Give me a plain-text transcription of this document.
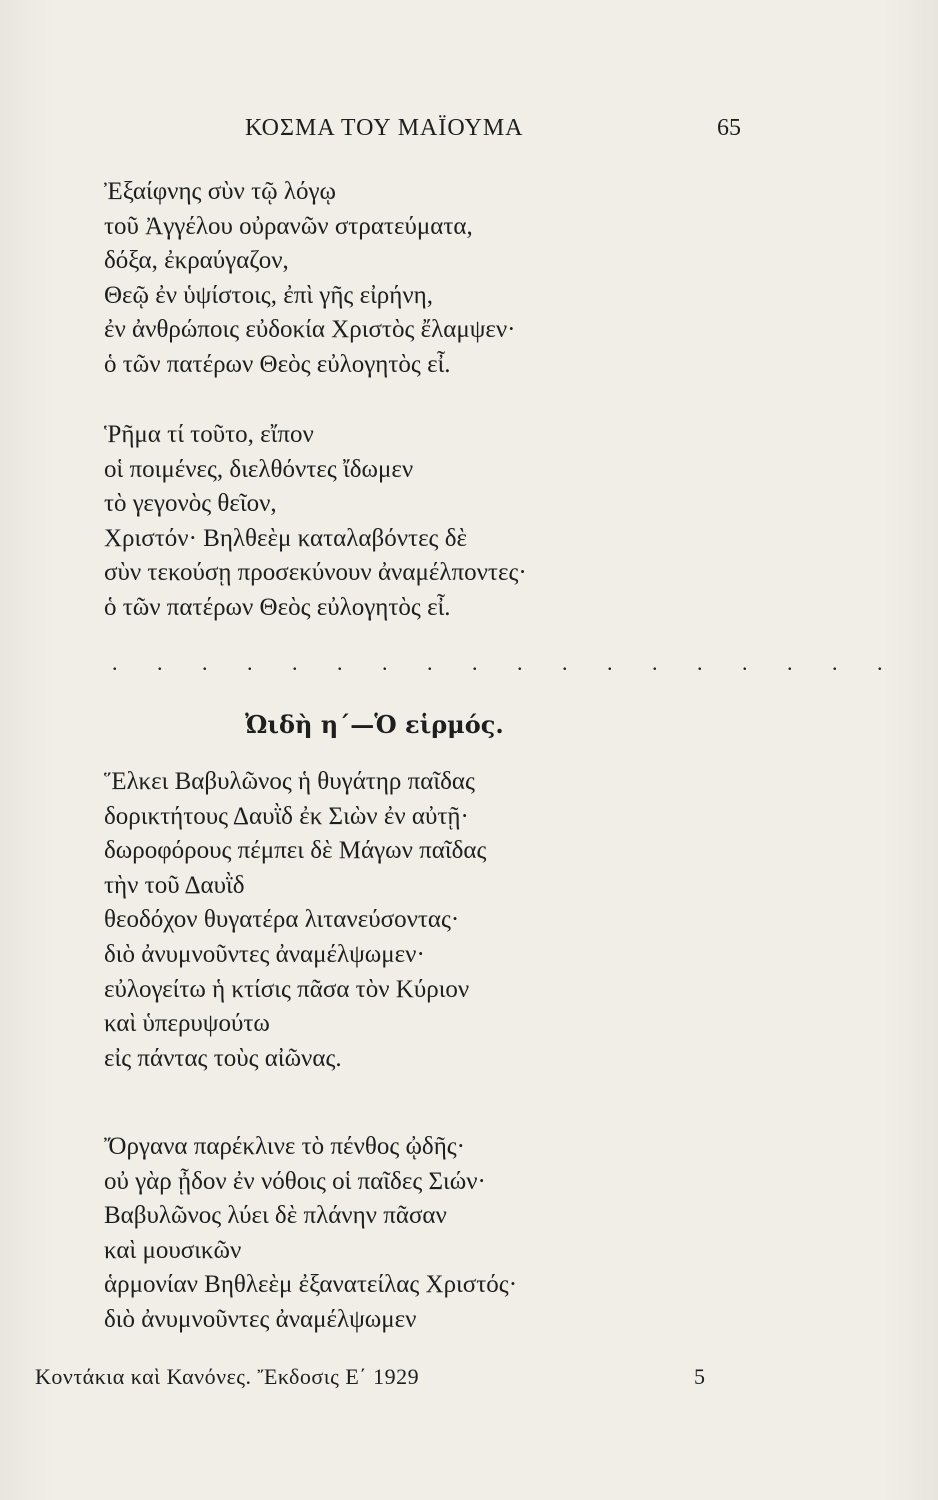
ΚΟΣΜΑ ΤΟΥ ΜΑΪΟΥΜΑ	65
Ἐξαίφνης σὺν τῷ λόγῳ
τοῦ Ἀγγέλου οὐρανῶν στρατεύματα,
δόξα, ἐκραύγαζον,
Θεῷ ἐν ὑψίστοις, ἐπὶ γῆς εἰρήνη,
ἐν ἀνθρώποις εὐδοκία Χριστὸς ἔλαμψεν·
ὁ τῶν πατέρων Θεὸς εὐλογητὸς εἶ.
Ῥῆμα τί τοῦτο, εἴπον
οἱ ποιμένες, διελθόντες ἴδωμεν
τὸ γεγονὸς θεῖον,
Χριστόν· Βηλθεὲμ καταλαβόντες δὲ
σὺν τεκούσῃ προσεκύνουν ἀναμέλποντες·
ὁ τῶν πατέρων Θεὸς εὐλογητὸς εἶ.
. . . . . . . . . . . . . . . . . .
Ὠιδὴ η΄—Ὁ εἱρμός.
Ἕλκει Βαβυλῶνος ἡ θυγάτηρ παῖδας
δορικτήτους Δαυῒδ ἐκ Σιὼν ἐν αὐτῇ·
δωροφόρους πέμπει δὲ Μάγων παῖδας
τὴν τοῦ Δαυῒδ
θεοδόχον θυγατέρα λιτανεύσοντας·
διὸ ἀνυμνοῦντες ἀναμέλψωμεν·
εὐλογείτω ἡ κτίσις πᾶσα τὸν Κύριον
καὶ ὑπερυψούτω
εἰς πάντας τοὺς αἰῶνας.
Ὄργανα παρέκλινε τὸ πένθος ᾠδῆς·
οὐ γὰρ ᾖδον ἐν νόθοις οἱ παῖδες Σιών·
Βαβυλῶνος λύει δὲ πλάνην πᾶσαν
καὶ μουσικῶν
ἁρμονίαν Βηθλεὲμ ἐξανατείλας Χριστός·
διὸ ἀνυμνοῦντες ἀναμέλψωμεν
Κοντάκια καὶ Κανόνες. Ἔκδοσις Ε΄ 1929	5
